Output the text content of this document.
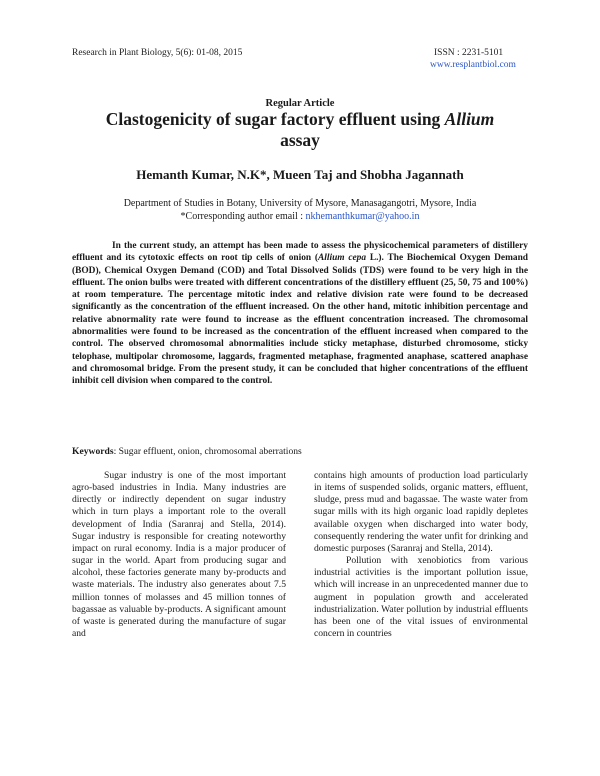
Research in Plant Biology, 5(6): 01-08, 2015	ISSN : 2231-5101
www.resplantbiol.com
Regular Article
Clastogenicity of sugar factory effluent using Allium
assay
Hemanth Kumar, N.K*, Mueen Taj and Shobha Jagannath
Department of Studies in Botany, University of Mysore, Manasagangotri, Mysore, India
*Corresponding author email : nkhemanthkumar@yahoo.in

In the current study, an attempt has been made to assess the physicochemical parameters of distillery effluent and its cytotoxic effects on root tip cells of onion (Allium cepa L.). The Biochemical Oxygen Demand (BOD), Chemical Oxygen Demand (COD) and Total Dissolved Solids (TDS) were found to be very high in the effluent. The onion bulbs were treated with different concentrations of the distillery effluent (25, 50, 75 and 100%) at room temperature. The percentage mitotic index and relative division rate were found to be decreased significantly as the concentration of the effluent increased. On the other hand, mitotic inhibition percentage and relative abnormality rate were found to increase as the effluent concentration increased. The chromosomal abnormalities were found to be increased as the concentration of the effluent increased when compared to the control. The observed chromosomal abnormalities include sticky metaphase, disturbed chromosome, sticky telophase, multipolar chromosome, laggards, fragmented metaphase, fragmented anaphase, scattered anaphase and chromosomal bridge. From the present study, it can be concluded that higher concentrations of the effluent inhibit cell division when compared to the control.

Keywords: Sugar effluent, onion, chromosomal aberrations

Sugar industry is one of the most important agro-based industries in India. Many industries are directly or indirectly dependent on sugar industry which in turn plays a important role to the overall development of India (Saranraj and Stella, 2014). Sugar industry is responsible for creating noteworthy impact on rural economy. India is a major producer of sugar in the world. Apart from producing sugar and alcohol, these factories generate many by-products and waste materials. The industry also generates about 7.5 million tonnes of molasses and 45 million tonnes of bagassae as valuable by-products. A significant amount of waste is generated during the manufacture of sugar and

contains high amounts of production load particularly in items of suspended solids, organic matters, effluent, sludge, press mud and bagassae. The waste water from sugar mills with its high organic load rapidly depletes available oxygen when discharged into water body, consequently rendering the water unfit for drinking and domestic purposes (Saranraj and Stella, 2014).

Pollution with xenobiotics from various industrial activities is the important pollution issue, which will increase in an unprecedented manner due to augment in population growth and accelerated industrialization. Water pollution by industrial effluents has been one of the vital issues of environmental concern in countries
